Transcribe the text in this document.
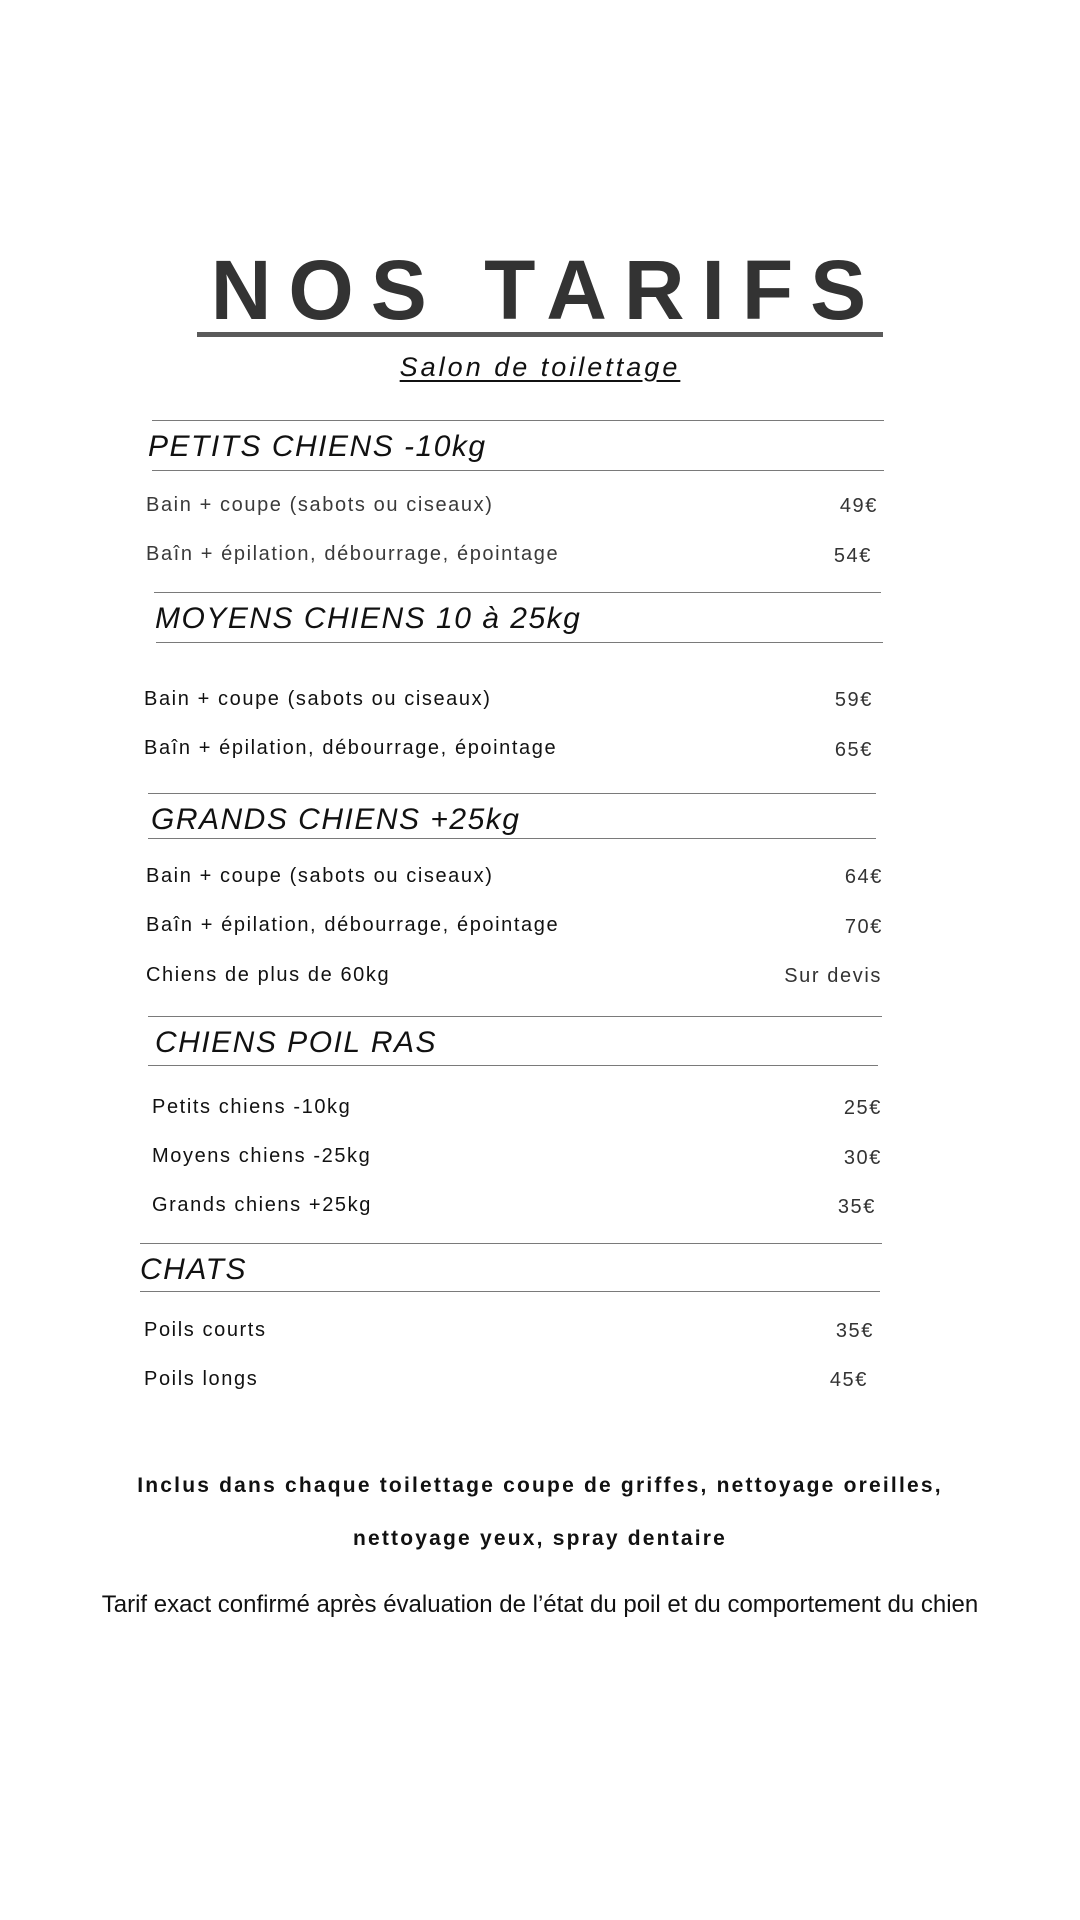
NOS TARIFS
Salon de toilettage
PETITS CHIENS -10kg
Bain + coupe (sabots ou ciseaux)	49€
Baîn + épilation, débourrage, épointage	54€
MOYENS CHIENS 10 à 25kg
Bain + coupe (sabots ou ciseaux)	59€
Baîn + épilation, débourrage, épointage	65€
GRANDS CHIENS +25kg
Bain + coupe (sabots ou ciseaux)	64€
Baîn + épilation, débourrage, épointage	70€
Chiens de plus de 60kg	Sur devis
CHIENS POIL RAS
Petits chiens -10kg	25€
Moyens chiens -25kg	30€
Grands chiens +25kg	35€
CHATS
Poils courts	35€
Poils longs	45€
Inclus dans chaque toilettage coupe de griffes, nettoyage oreilles,
nettoyage yeux, spray dentaire
Tarif exact confirmé après évaluation de l’état du poil et du comportement du chien
